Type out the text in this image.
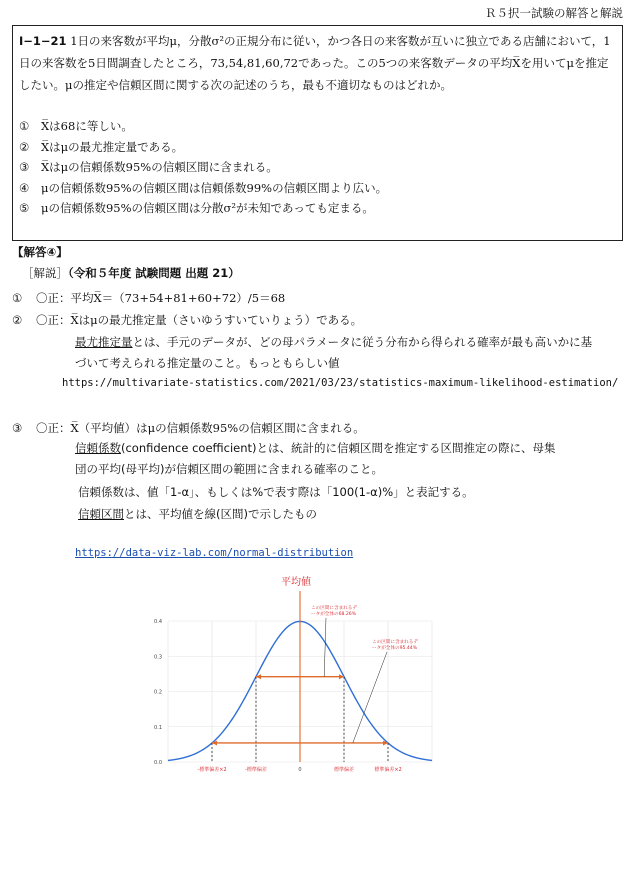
Ｒ５択一試験の解答と解説

Ⅰ−1−21 1日の来客数が平均μ，分散σ²の正規分布に従い，かつ各日の来客数が互いに独立である店舗において，1日の来客数を5日間調査したところ，73,54,81,60,72であった。この5つの来客数データの平均X̅を用いてμを推定したい。μの推定や信頼区間に関する次の記述のうち，最も不適切なものはどれか。

① X̅は68に等しい。
② X̅はμの最尤推定量である。
③ X̅はμの信頼係数95%の信頼区間に含まれる。
④ μの信頼係数95%の信頼区間は信頼係数99%の信頼区間より広い。
⑤ μの信頼係数95%の信頼区間は分散σ²が未知であっても定まる。
【解答④】
［解説］（令和５年度 試験問題 出題 21）
① 〇正：平均X̅＝（73+54+81+60+72）/5＝68
② 〇正：X̅はμの最尤推定量（さいゆうすいていりょう）である。
最尤推定量とは、手元のデータが、どの母パラメータに従う分布から得られる確率が最も高いかに基
づいて考えられる推定量のこと。もっともらしい値
https://multivariate-statistics.com/2021/03/23/statistics-maximum-likelihood-estimation/
③ 〇正：X̅（平均値）はμの信頼係数95%の信頼区間に含まれる。
信頼係数(confidence coefficient)とは、統計的に信頼区間を推定する区間推定の際に、母集
団の平均(母平均)が信頼区間の範囲に含まれる確率のこと。
信頼係数は、値「1-α」、もしくは%で表す際は「100(1-α)%」と表記する。
信頼区間とは、平均値を線(区間)で示したもの
https://data-viz-lab.com/normal-distribution
平均値
0.0
0.1
0.2
0.3
0.4
-標準偏差×2	-標準偏差	0	標準偏差	標準偏差×2
この区間に含まれるデ
ータが全体の68.26%
この区間に含まれるデ
ータが全体の95.44%
